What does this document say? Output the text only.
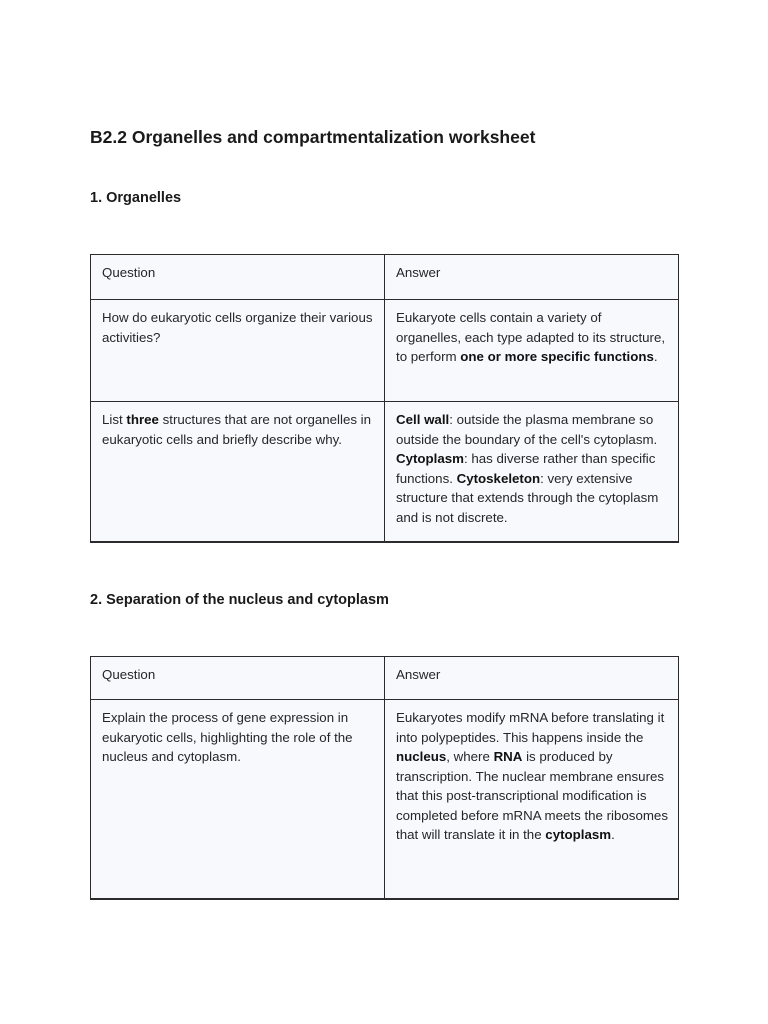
B2.2 Organelles and compartmentalization worksheet
1. Organelles
Question	Answer
How do eukaryotic cells organize their various activities?	Eukaryote cells contain a variety of organelles, each type adapted to its structure, to perform one or more specific functions.
List three structures that are not organelles in eukaryotic cells and briefly describe why.	Cell wall: outside the plasma membrane so outside the boundary of the cell's cytoplasm. Cytoplasm: has diverse rather than specific functions. Cytoskeleton: very extensive structure that extends through the cytoplasm and is not discrete.
2. Separation of the nucleus and cytoplasm
Question	Answer
Explain the process of gene expression in eukaryotic cells, highlighting the role of the nucleus and cytoplasm.	Eukaryotes modify mRNA before translating it into polypeptides. This happens inside the nucleus, where RNA is produced by transcription. The nuclear membrane ensures that this post-transcriptional modification is completed before mRNA meets the ribosomes that will translate it in the cytoplasm.
